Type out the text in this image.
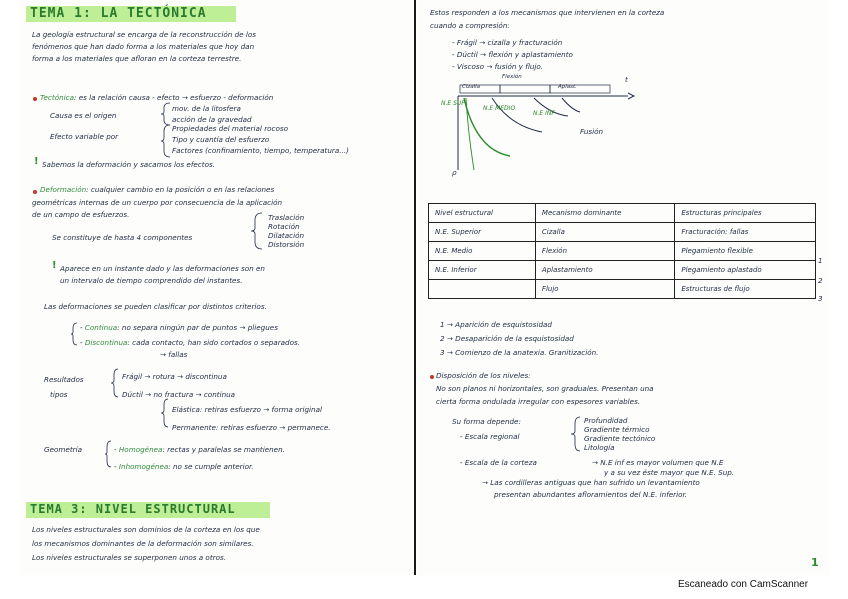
TEMA 1: LA TECTÓNICA
La geología estructural se encarga de la reconstrucción de los
fenómenos que han dado forma a los materiales que hoy dan
forma a los materiales que afloran en la corteza terrestre.
Tectónica: es la relación causa - efecto → esfuerzo - deformación
mov. de la litosfera
Causa es el origen	acción de la gravedad
Efecto variable por
Propiedades del material rocoso
Tipo y cuantía del esfuerzo
Factores (confinamiento, tiempo, temperatura...)
! Sabemos la deformación y sacamos los efectos.
Deformación: cualquier cambio en la posición o en las relaciones
geométricas internas de un cuerpo por consecuencia de la aplicación
de un campo de esfuerzos.
Se constituye de hasta 4 componentes
Traslación
Rotación
Dilatación
Distorsión
! Aparece en un instante dado y las deformaciones son en
un intervalo de tiempo comprendido del instantes.
Las deformaciones se pueden clasificar por distintos criterios.
- Continua: no separa ningún par de puntos → pliegues
- Discontinua: cada contacto, han sido cortados o separados.
→ fallas
Resultados
tipos
Frágil → rotura → discontinua
Dúctil → no fractura → continua
Elástica: retiras esfuerzo → forma original
Permanente: retiras esfuerzo → permanece.
Geometría	- Homogénea: rectas y paralelas se mantienen.
- Inhomogénea: no se cumple anterior.
TEMA 3: NIVEL ESTRUCTURAL
Los niveles estructurales son dominios de la corteza en los que
los mecanismos dominantes de la deformación son similares.
Los niveles estructurales se superponen unos a otros.
Estos responden a los mecanismos que intervienen en la corteza
cuando a compresión:
- Frágil → cizalla y fracturación
- Dúctil → flexión y aplastamiento
- Viscoso → fusión y flujo.
t
ρ
Cizalla
Flexión
Aplast.
N.E SUP
N.E MEDIO
N.E INF
Fusión
Nivel estructural	Mecanismo dominante	Estructuras principales
N.E. Superior	Cizalla	Fracturación: fallas
N.E. Medio	Flexión	Plegamiento flexible
N.E. Inferior	Aplastamiento	Plegamiento aplastado
	Flujo	Estructuras de flujo
1
2
3
1 → Aparición de esquistosidad
2 → Desaparición de la esquistosidad
3 → Comienzo de la anatexia. Granitización.
Disposición de los niveles:
No son planos ni horizontales, son graduales. Presentan una
cierta forma ondulada irregular con espesores variables.
Su forma depende:
- Escala regional
Profundidad
Gradiente térmico
Gradiente tectónico
Litología
- Escala de la corteza	→ N.E inf es mayor volumen que N.E
y a su vez éste mayor que N.E. Sup.
→ Las cordilleras antiguas que han sufrido un levantamiento
presentan abundantes afloramientos del N.E. inferior.
1
Escaneado con CamScanner
